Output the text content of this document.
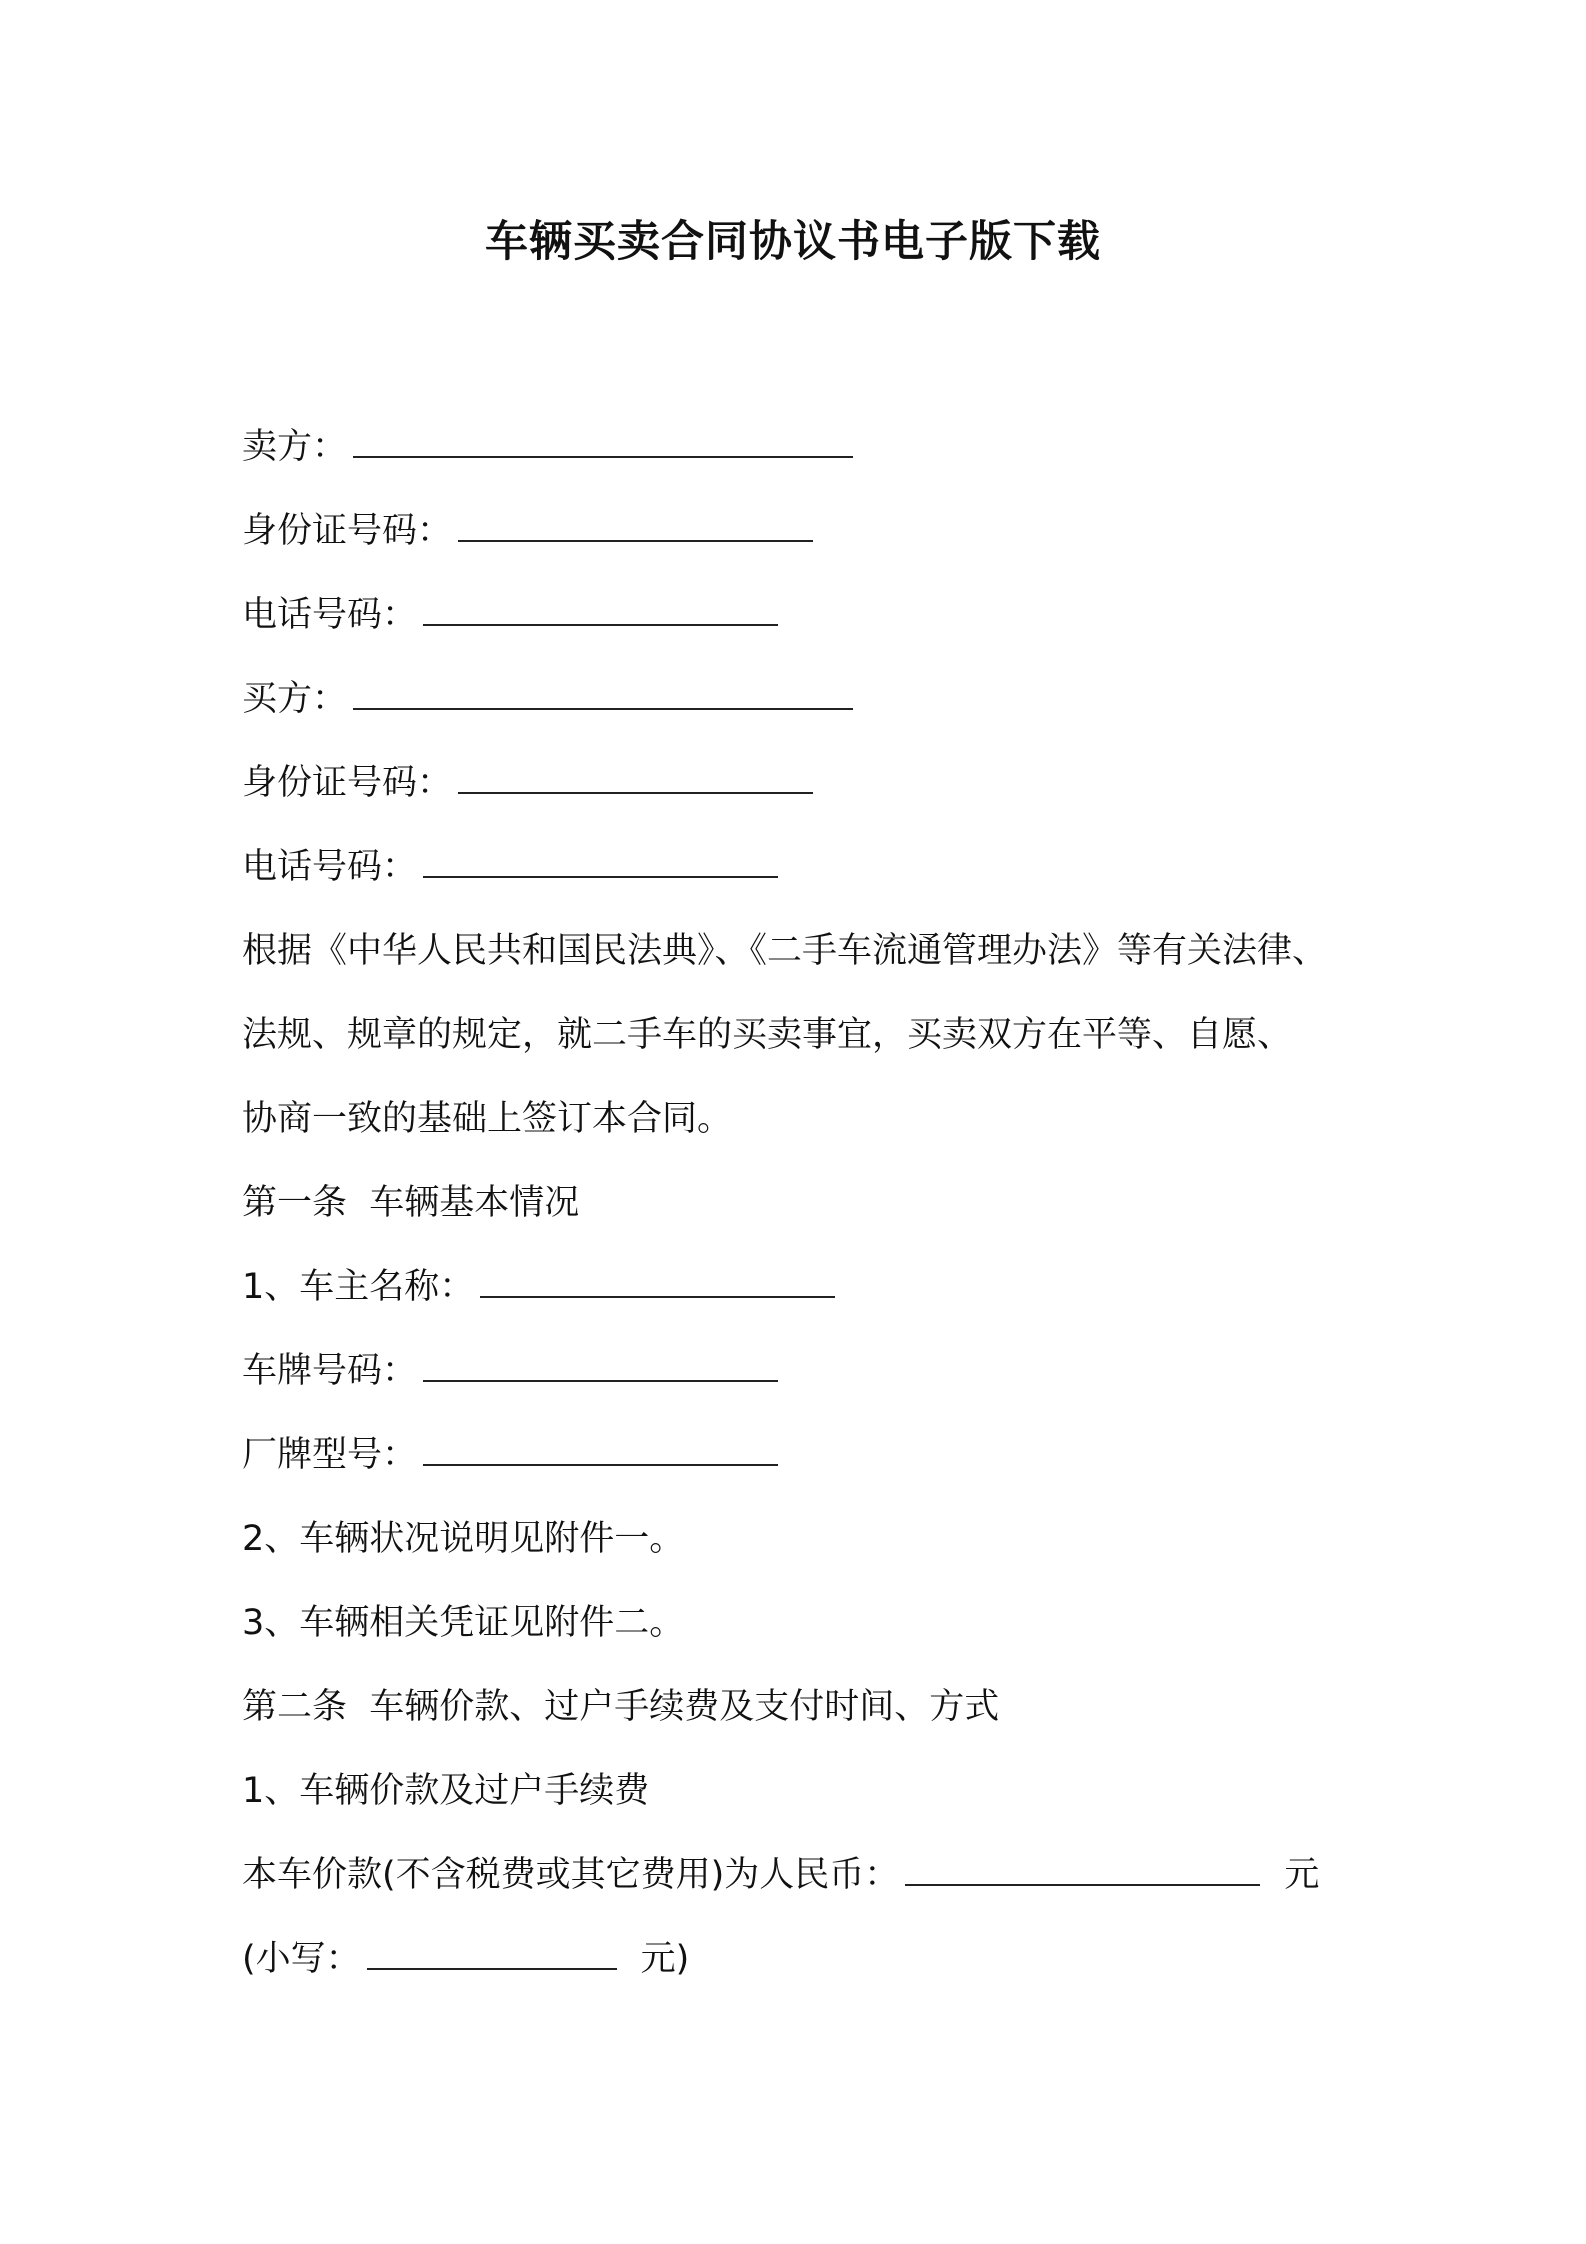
车辆买卖合同协议书电子版下载
卖方：
身份证号码：
电话号码：
买方：
身份证号码：
电话号码：
根据《中华人民共和国民法典》、《二手车流通管理办法》等有关法律、
法规、规章的规定，就二手车的买卖事宜，买卖双方在平等、自愿、
协商一致的基础上签订本合同。
第一条  车辆基本情况
1、车主名称：
车牌号码：
厂牌型号：
2、车辆状况说明见附件一。
3、车辆相关凭证见附件二。
第二条  车辆价款、过户手续费及支付时间、方式
1、车辆价款及过户手续费
本车价款(不含税费或其它费用)为人民币：	元
(小写：	元)
